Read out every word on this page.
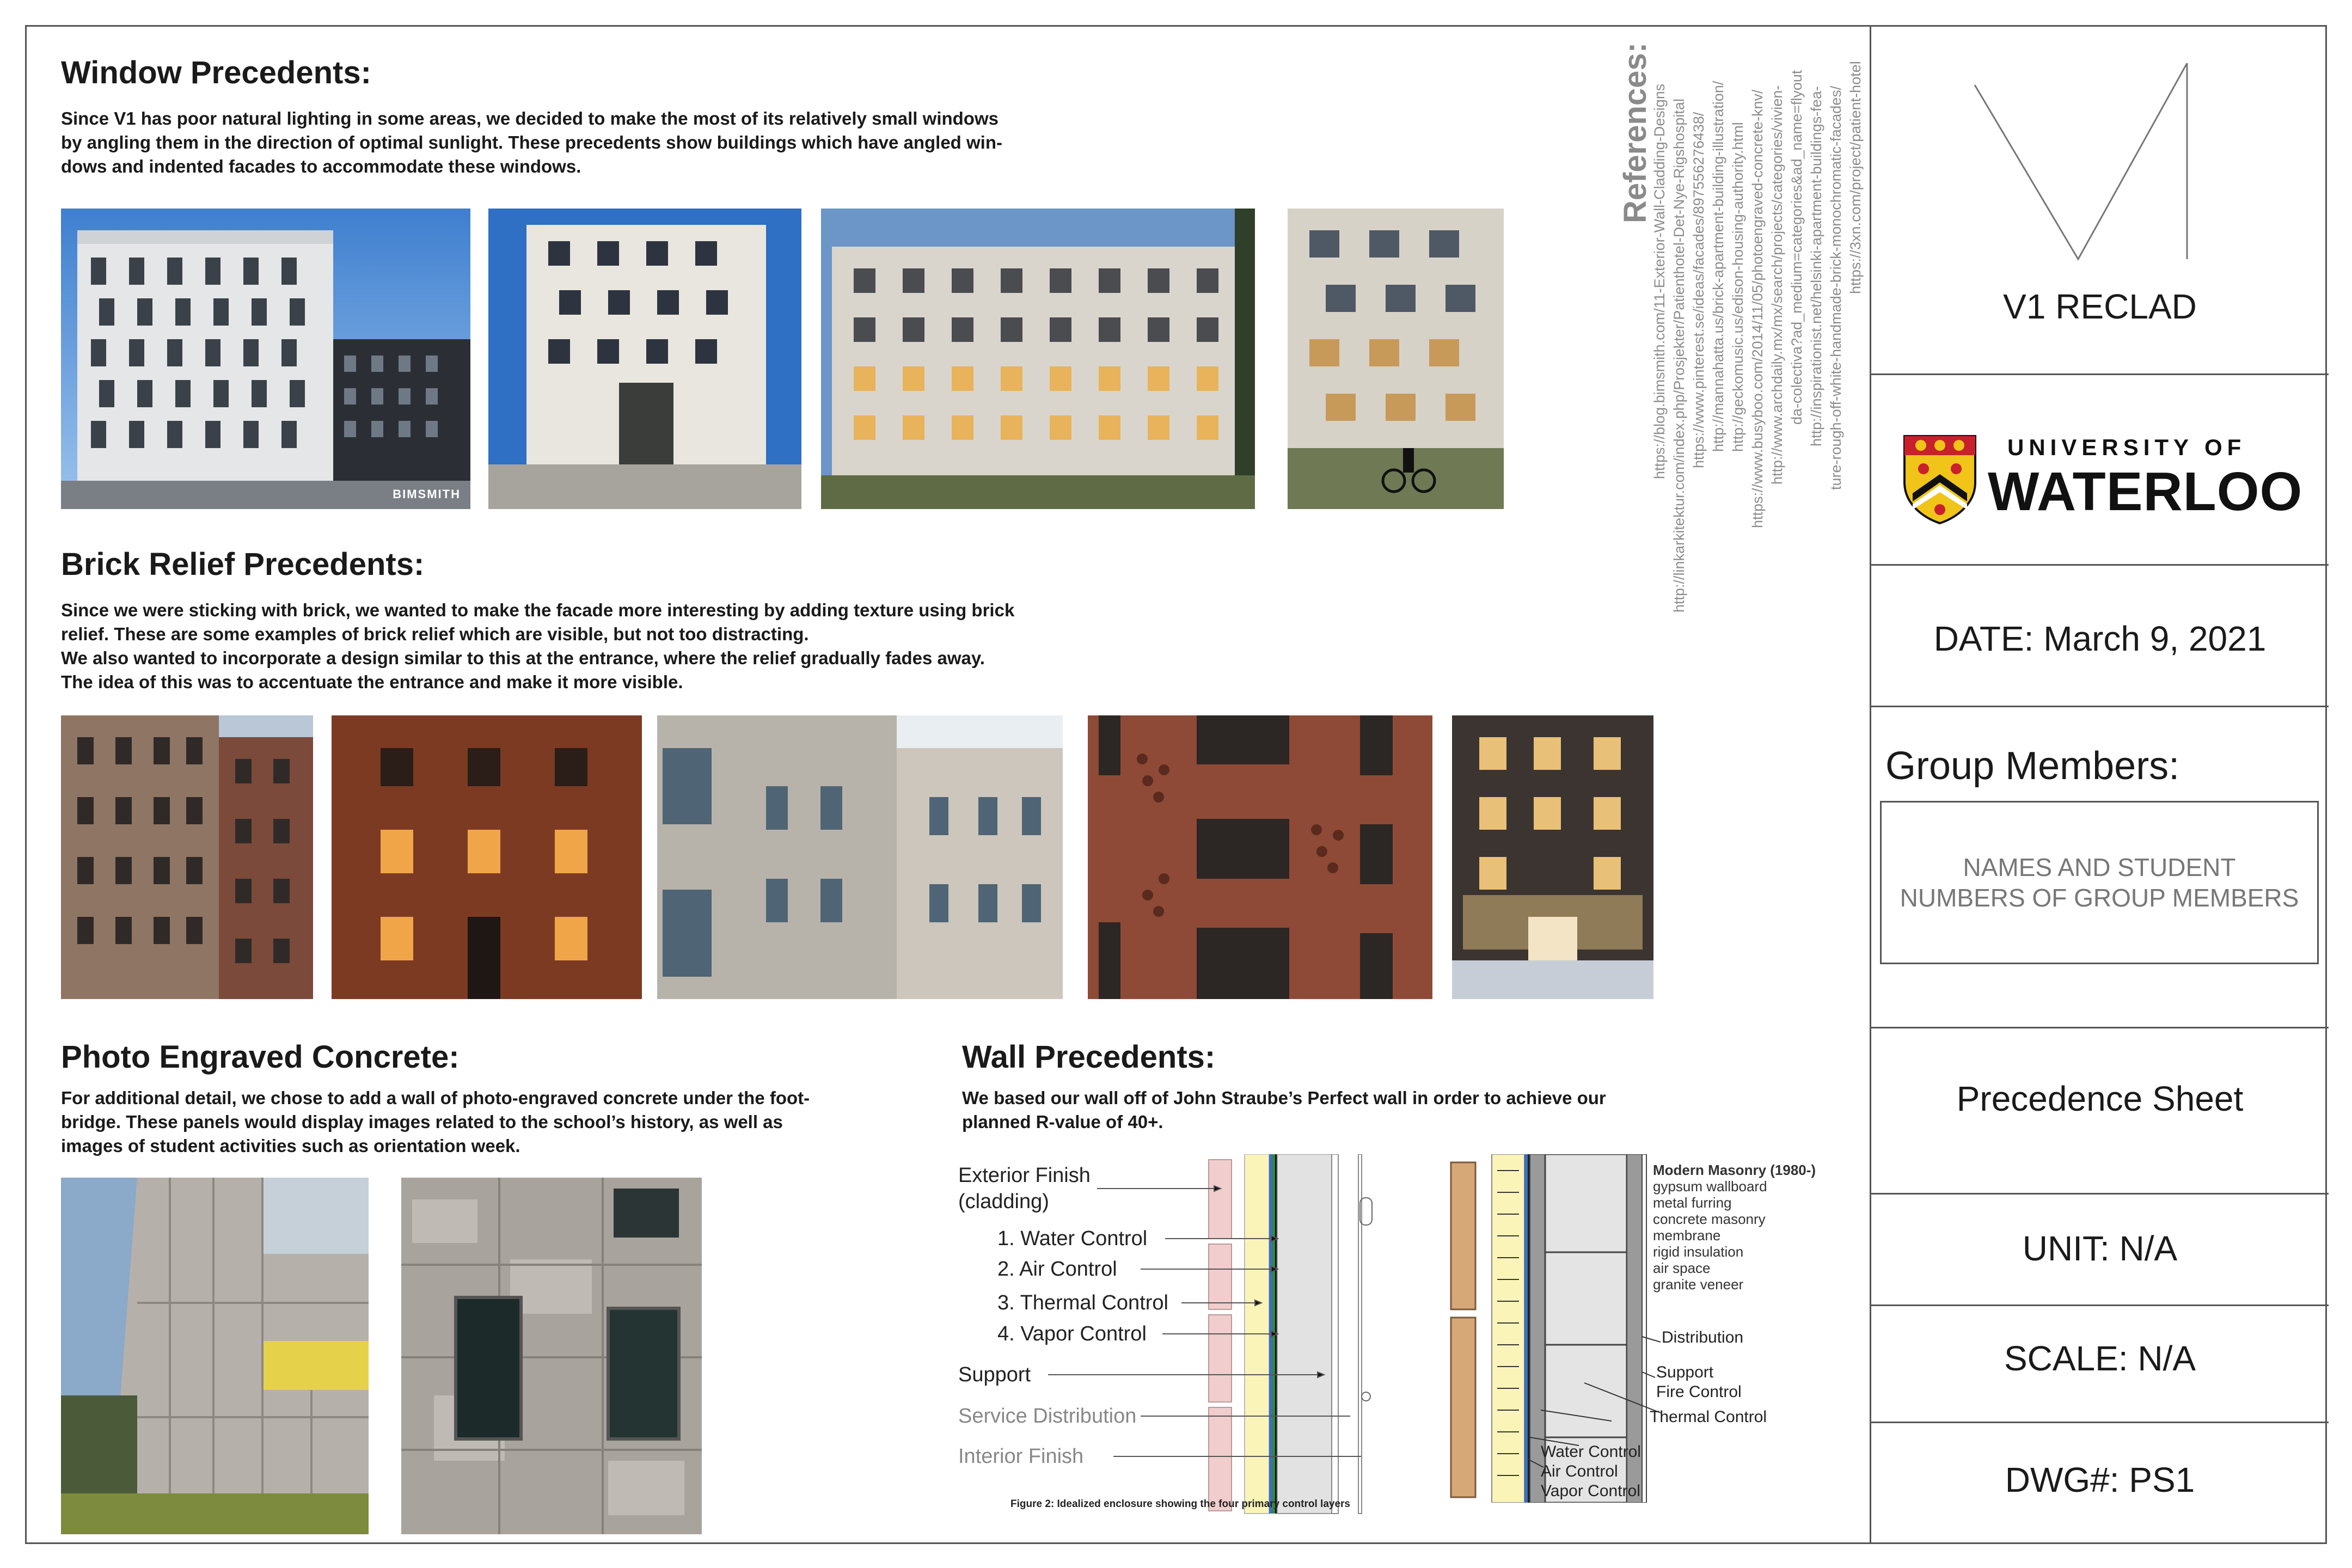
Window Precedents:
Since V1 has poor natural lighting in some areas, we decided to make the most of its relatively small windows
by angling them in the direction of optimal sunlight. These precedents show buildings which have angled win-
dows and indented facades to accommodate these windows.
BIMSMITH
Brick Relief Precedents:
Since we were sticking with brick, we wanted to make the facade more interesting by adding texture using brick
relief. These are some examples of brick relief which are visible, but not too distracting.
We also wanted to incorporate a design similar to this at the entrance, where the relief gradually fades away.
The idea of this was to accentuate the entrance and make it more visible.
Photo Engraved Concrete:
For additional detail, we chose to add a wall of photo-engraved concrete under the foot-
bridge. These panels would display images related to the school’s history, as well as
images of student activities such as orientation week.
Wall Precedents:
We based our wall off of John Straube’s Perfect wall in order to achieve our
planned R-value of 40+.
Exterior Finish
(cladding)
1. Water Control
2. Air Control
3. Thermal Control
4. Vapor Control
Support
Service Distribution
Interior Finish
Figure 2: Idealized enclosure showing the four primary control layers
Modern Masonry (1980-)
gypsum wallboard
metal furring
concrete masonry
membrane
rigid insulation
air space
granite veneer
Distribution
Support
Fire Control
Thermal Control
Water Control
Air Control
Vapor Control
References:
https://blog.bimsmith.com/11-Exterior-Wall-Cladding-Designs http://linkarkitektur.com/index.php/Prosjekter/Patienthotel-Det-Nye-Rigshospital https://www.pinterest.se/ideas/facades/897556276438/ http://mannahatta.us/brick-apartment-building-illustration/ http://geckomusic.us/edison-housing-authority.html https://www.busyboo.com/2014/11/05/photoengraved-concrete-knv/ http://www.archdaily.mx/mx/search/projects/categories/vivien- da-colectiva?ad_medium=categories&ad_name=flyout http://inspirationist.net/helsinki-apartment-buildings-fea- ture-rough-off-white-handmade-brick-monochromatic-facades/ https://3xn.com/project/patient-hotel
V1 RECLAD
UNIVERSITY OF
WATERLOO
DATE: March 9, 2021
Group Members:
NAMES AND STUDENT
NUMBERS OF GROUP MEMBERS
Precedence Sheet
UNIT: N/A
SCALE: N/A
DWG#: PS1
